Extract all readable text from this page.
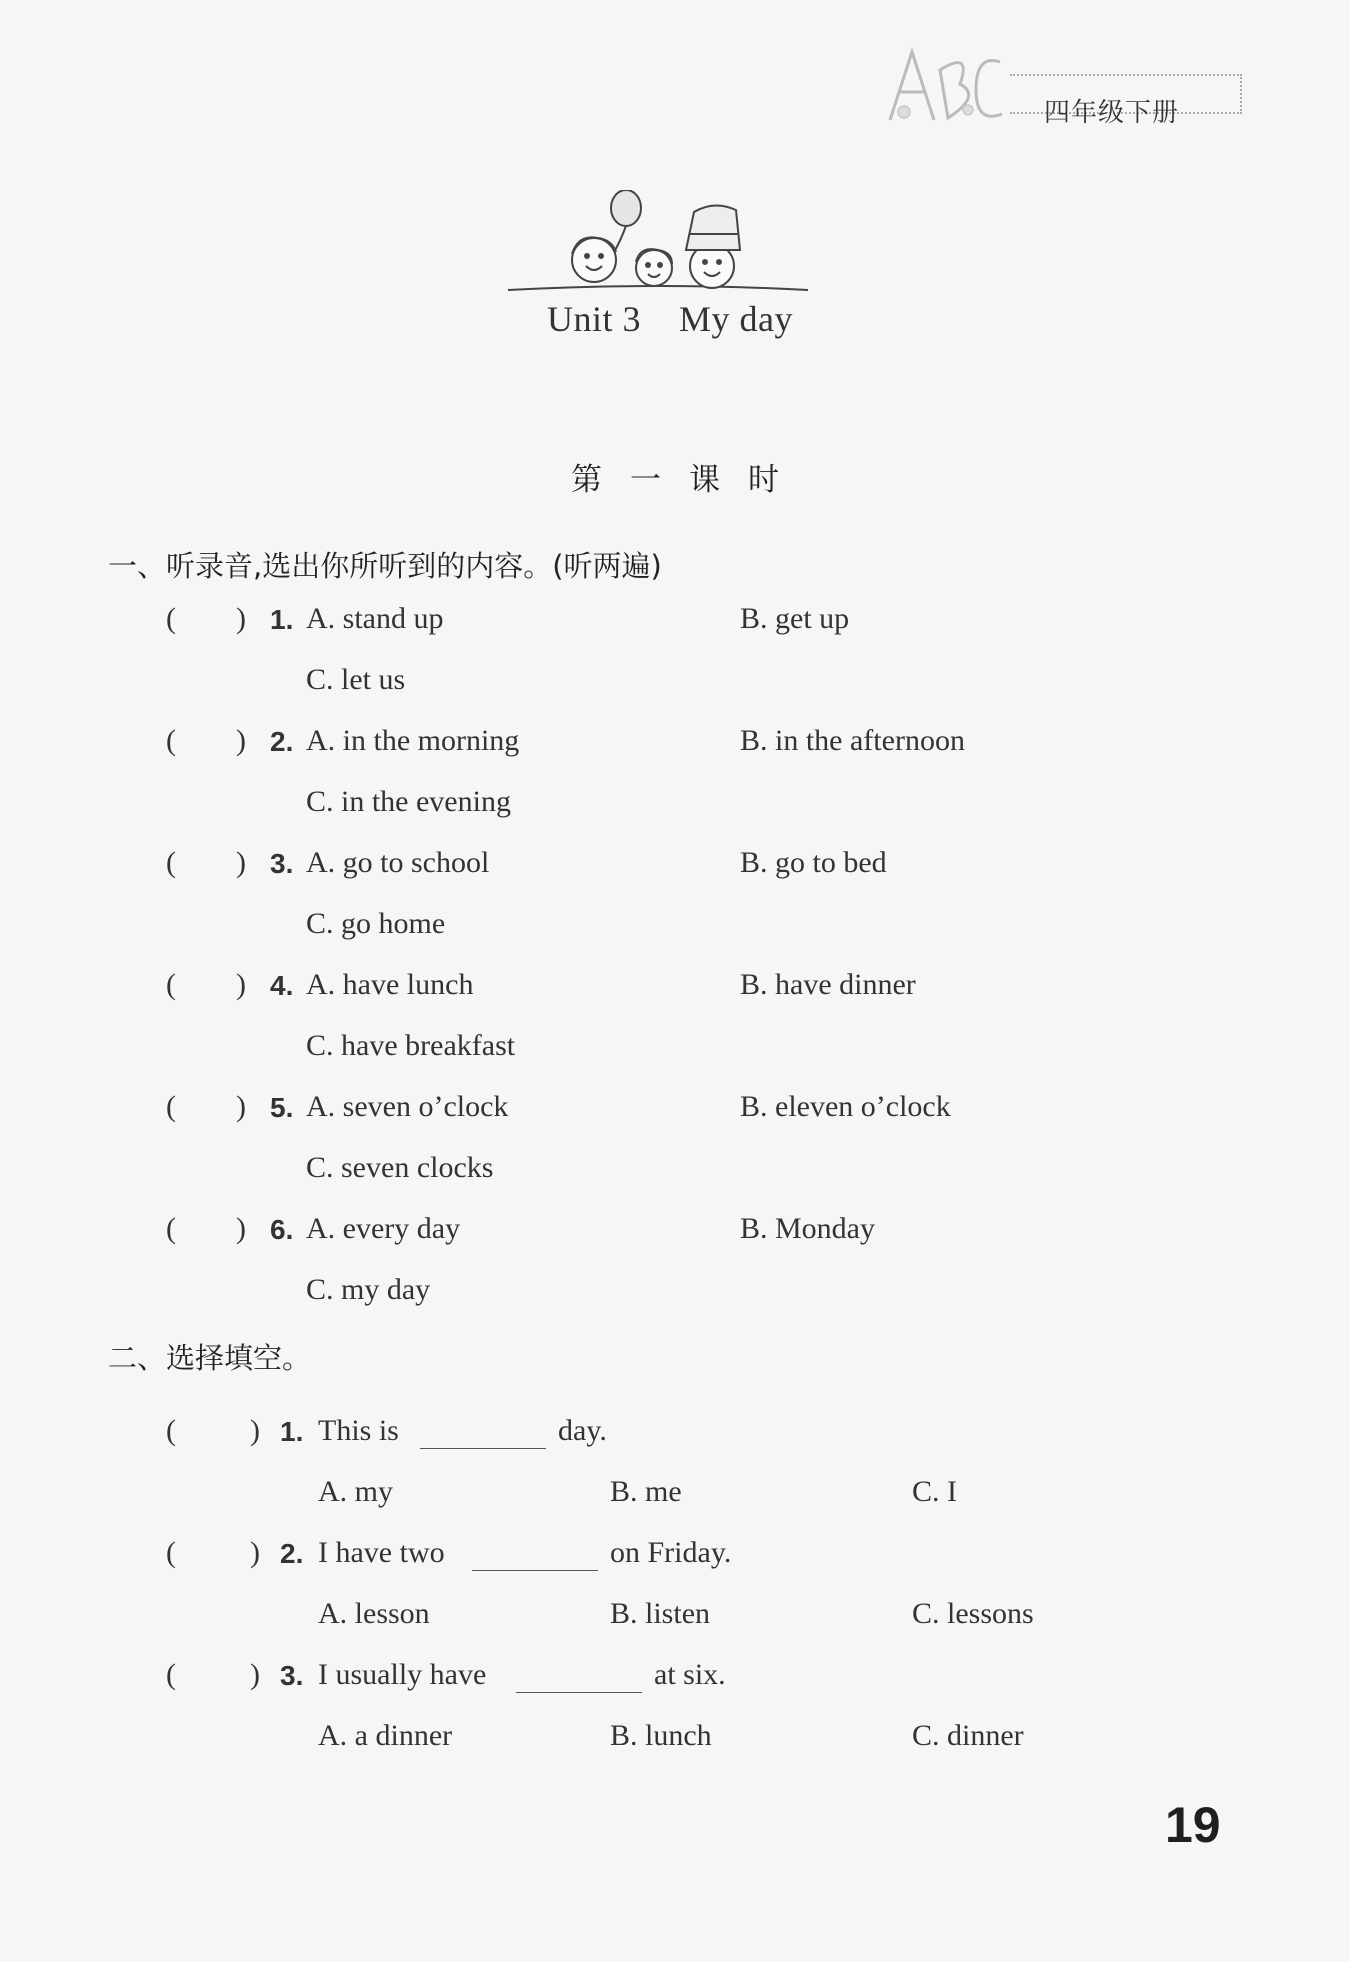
四年级下册
Unit 3    My day
第一课时
一、听录音,选出你所听到的内容。(听两遍)
( ) 1. A. stand up	B. get up
C. let us
( ) 2. A. in the morning	B. in the afternoon
C. in the evening
( ) 3. A. go to school	B. go to bed
C. go home
( ) 4. A. have lunch	B. have dinner
C. have breakfast
( ) 5. A. seven o’clock	B. eleven o’clock
C. seven clocks
( ) 6. A. every day	B. Monday
C. my day
二、选择填空。
( ) 1. This is	day.
A. my	B. me	C. I
( ) 2. I have two	on Friday.
A. lesson	B. listen	C. lessons
( ) 3. I usually have	at six.
A. a dinner	B. lunch	C. dinner
19
